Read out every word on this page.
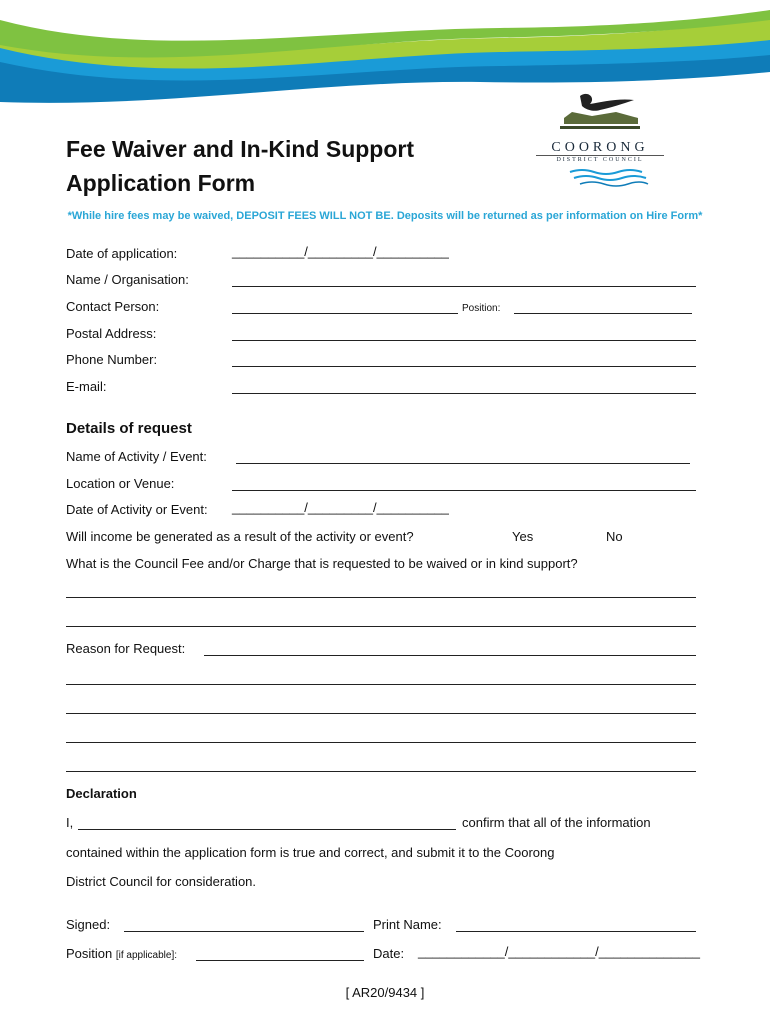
COORONG
DISTRICT COUNCIL
Fee Waiver and In-Kind Support
Application Form
*While hire fees may be waived, DEPOSIT FEES WILL NOT BE. Deposits will be returned as per information on Hire Form*
Date of application:	__________/_________/__________
Name / Organisation:
Contact Person:	Position:
Postal Address:
Phone Number:
E-mail:
Details of request
Name of Activity / Event:
Location or Venue:
Date of Activity or Event: __________/_________/__________
Will income be generated as a result of the activity or event?	Yes	No
What is the Council Fee and/or Charge that is requested to be waived or in kind support?
Reason for Request:
Declaration
I,	confirm that all of the information
contained within the application form is true and correct, and submit it to the Coorong
District Council for consideration.
Signed:	Print Name:
Position [if applicable]:	Date: ____________/____________/______________
[ AR20/9434 ]
